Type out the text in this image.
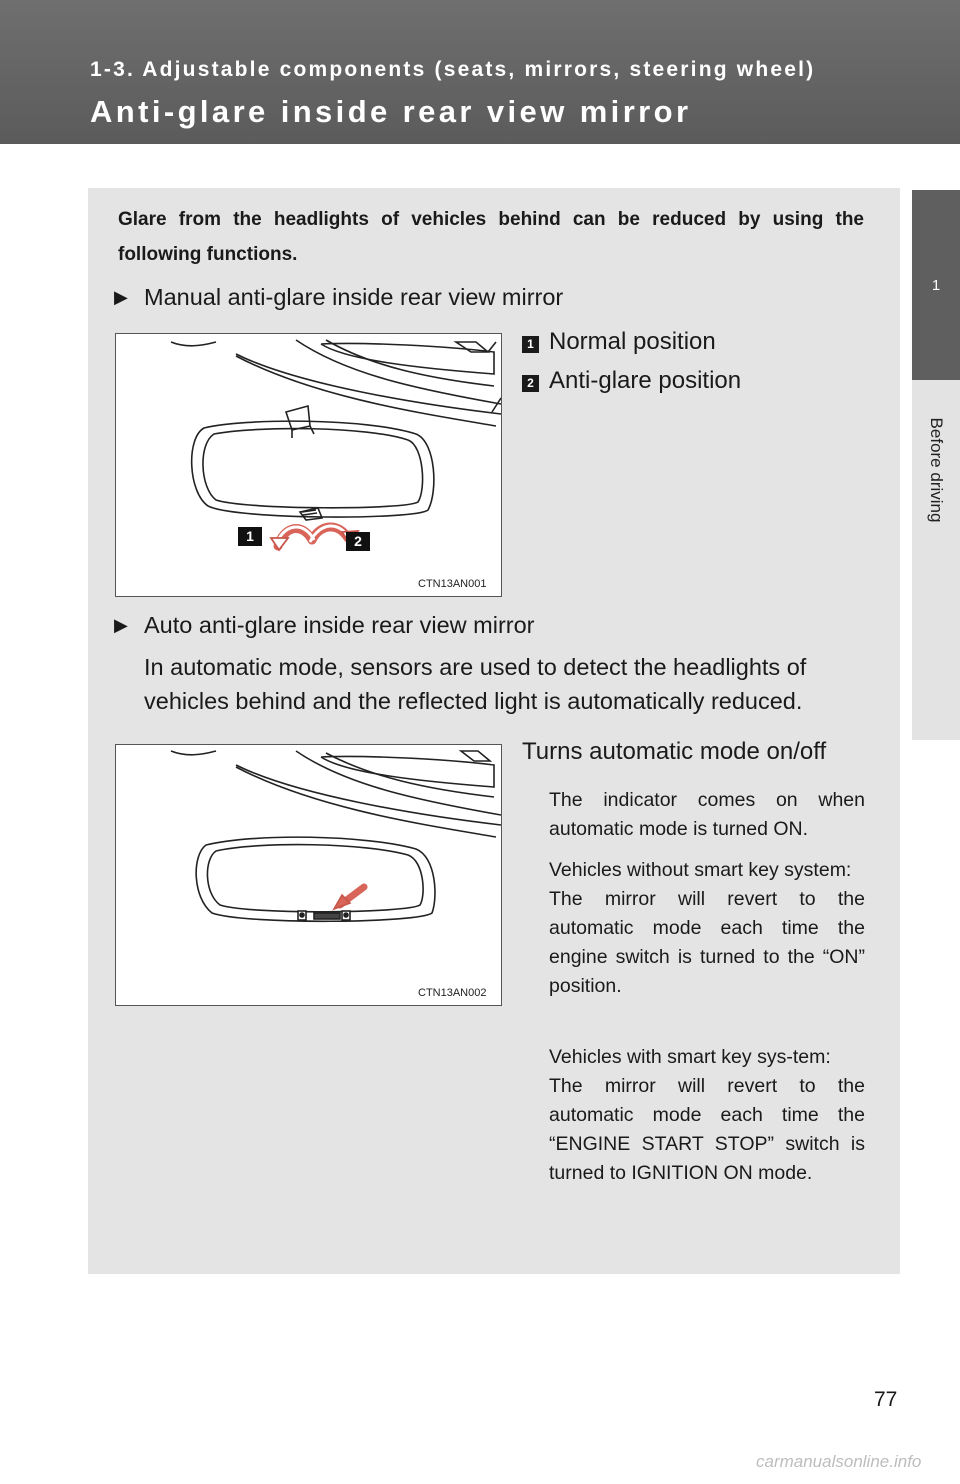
1-3. Adjustable components (seats, mirrors, steering wheel)
Anti-glare inside rear view mirror
1
Before driving
Glare from the headlights of vehicles behind can be reduced by using the following functions.
▶ Manual anti-glare inside rear view mirror
1	2
CTN13AN001
1 Normal position
2 Anti-glare position
▶ Auto anti-glare inside rear view mirror
In automatic mode, sensors are used to detect the headlights of vehicles behind and the reflected light is automatically reduced.
CTN13AN002
Turns automatic mode on/off
The indicator comes on when automatic mode is turned ON.
Vehicles without smart key system:
The mirror will revert to the automatic mode each time the engine switch is turned to the “ON” position.
Vehicles with smart key sys-tem:
The mirror will revert to the automatic mode each time the “ENGINE START STOP” switch is turned to IGNITION ON mode.
77
carmanualsonline.info
